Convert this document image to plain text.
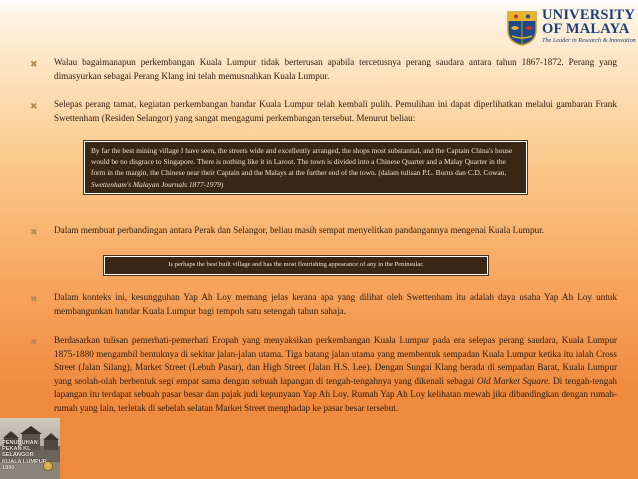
UNIVERSITY
OF MALAYA
The Leader in Research & Innovation
✖ Walau bagaimanapun perkembangan Kuala Lumpur tidak berterusan apabila tercetusnya perang saudara antara tahun 1867-1872. Perang yang dimasyurkan sebagai Perang Klang ini telah memusnahkan Kuala Lumpur.
✖ Selepas perang tamat, kegiatan perkembangan bandar Kuala Lumpur telah kembali pulih. Pemulihan ini dapat diperlihatkan melalui gambaran Frank Swettenham (Residen Selangor) yang sangat mengagumi perkembangan tersebut. Menurut beliau:
By far the best mining village I have seen, the streets wide and excellently arranged, the shops most substantial, and the Captain China's house would be no disgrace to Singapore. There is nothing like it in Laroot. The town is divided into a Chinese Quarter and a Malay Quarter in the form in the margin, the Chinese near their Captain and the Malays at the further end of the town. (dalam tulisan P.L. Burns dan C.D. Cowan, Swettenham's Malayan Journals 1877-1979)
✖ Dalam membuat perbandingan antara Perak dan Selangor, beliau masih sempat menyelitkan pandangannya mengenai Kuala Lumpur.
Is perhaps the best built village and has the most flourishing appearance of any in the Peninsular.
✖ Dalam konteks ini, kesungguhan Yap Ah Loy memang jelas kerana apa yang dilihat oleh Swettenham itu adalah daya usaha Yap Ah Loy untuk membangunkan bandar Kuala Lumpur bagi tempoh satu setengah tahun sahaja.
✖ Berdasarkan tulisan pemerhati-pemerhati Eropah yang menyaksikan perkembangan Kuala Lumpur pada era selepas perang saudara, Kuala Lumpur 1875-1880 mengambil bentuknya di sekitar jalan-jalan utama. Tiga batang jalan utama yang membentuk sempadan Kuala Lumpur ketika itu ialah Cross Street (Jalan Silang), Market Street (Lebuh Pasar), dan High Street (Jalan H.S. Lee). Dengan Sungai Klang berada di sempadan Barat, Kuala Lumpur yang seolah-olah berbentuk segi empat sama dengan sebuah lapangan di tengah-tengahnya yang dikenali sebagai Old Market Square. Di tengah-tengah lapangan itu terdapat sebuah pasar besar dan pajak judi kepunyaan Yap Ah Loy. Rumah Yap Ah Loy kelihatan mewah jika dibandingkan dengan rumah-rumah yang lain, terletak di sebelah selatan Market Street menghadap ke pasar besar tersebut.
PENUBUHAN
PEKAN KL
SELANGOR
KUALA LUMPUR 1880
